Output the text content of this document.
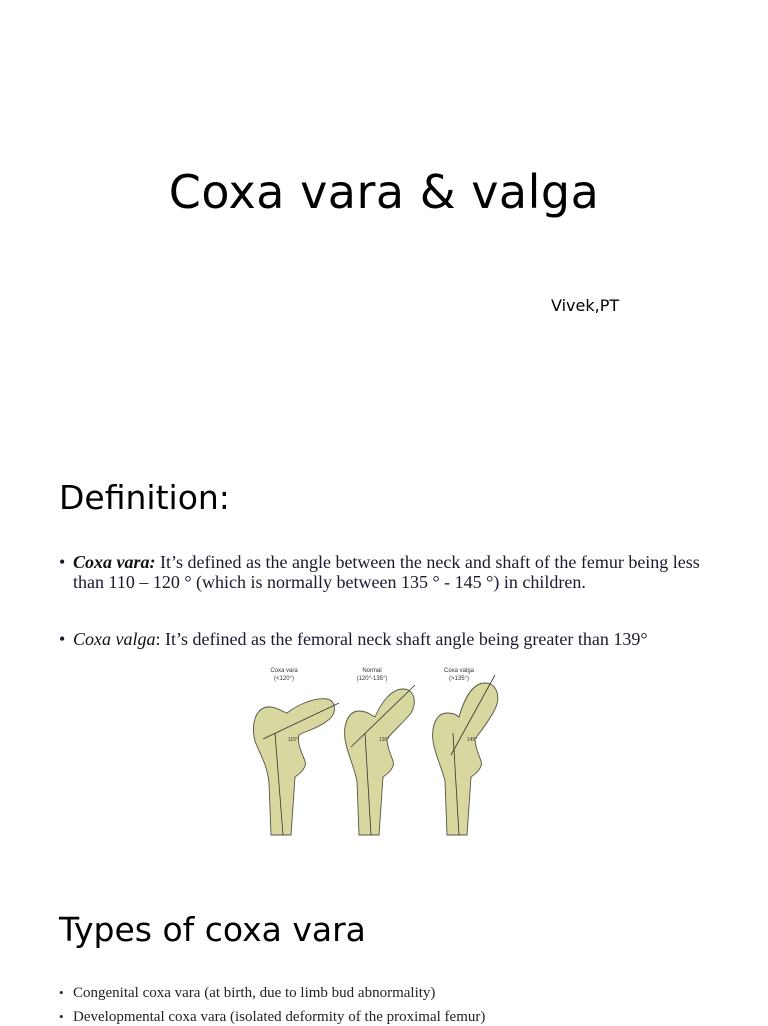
Coxa vara & valga
Vivek,PT
Definition:
• Coxa vara: It’s defined as the angle between the neck and shaft of the femur being less than 110 – 120 ° (which is normally between 135 ° - 145 °) in children.
• Coxa valga: It’s defined as the femoral neck shaft angle being greater than 139°
Coxa vara
(<120°)
115°
Normal
(120°-135°)
130°
Coxa valga
(>135°)
145°
Types of coxa vara
• Congenital coxa vara (at birth, due to limb bud abnormality)
• Developmental coxa vara (isolated deformity of the proximal femur)
